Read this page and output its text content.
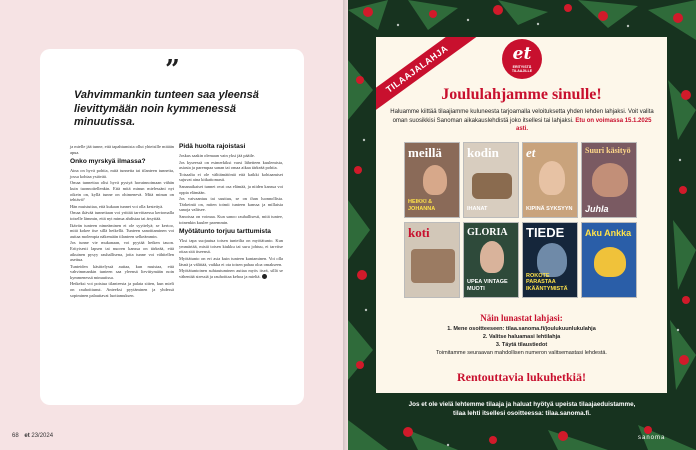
”
Vahvimmankin tunteen saa yleensä lievittymään noin kymmenessä minuutissa.

ja mielle jää tunne, että tapahtumista ollut yhteisille mitään apua.

Onko myrskyä ilmassa?

Aina on hyvä pohtia, mitä tunnetta tai tilanteen tunnetta, jossa kohtaa ystävää.

Omaa tunnettaa olisi hyvä pystyä havainnoimaan vähän kuin tuonnoitellenkin. Että mitä minun mielessäni nyt oikein on, kyllä tunne on ohimenevä. Mitä minun on tehtävä?

Hän muistuttaa, että kukaan tunnet voi olla kestettyä.

Omaa ikävää tunnettaan voi yrittää tarvittaessa kertomalla toiselle lämmin, että nyt minua ahdistaa tai ärsyttää.

Ikävän tunteen nimeäminen ei ole syyttelyä; se kertoo, mitä kokee itse sillä hetkellä. Tunteen sanoittaminen voi auttaa molempia näkemään tilanteen selkeämmin.

Jos tunne vie mukanaan, voi pyytää hetken tauon. Erityisesti lapsen tai nuoren kanssa on tärkeää, että aikuinen pysyy rauhallisena, jotta tunne voi vähitellen asettua.

Tunteiden käsittelyssä auttaa, kun muistaa, että vahvimmankin tunteen saa yleensä lievittymään noin kymmenessä minuutissa.

Hetkeksi voi poistua tilanteesta ja palata sitten, kun mieli on rauhoittunut. Anteeksi pyytäminen ja yhdessä sopiminen palauttavat luottamuksen.

Pidä huolta rajoistasi

Joskus saakin olemaan vain yksi jää pääile.

Jos kyseessä on esimerkiksi varsi lähetteen kuulemista, asiasta ja parempaa sanan tai omaa aikaa tärkeää pohtia.

Toisaalta ei ole välttämätöntä että kaikki kohtaamiset sujuvat aina kitkattomasti.

Sananaikaiset tunnet ovat osa elämää, ja niiden kanssa voi oppia elämään.

Jos vaivaantuu tai suuttuu, se on ihan luonnollista. Tärkeintä on, miten toimii tunteen kanssa ja millaisia sanoja valitsee.

Sanoissa on voimaa. Kun sanoo rauhallisesti, mitä tuntee, toinenkin kuulee paremmin.

Myötätunto torjuu tarttumista

Yksi tapa suojautua toisen tunteilta on myötätunto. Kun ymmärtää, mistä toisen kiukku tai suru johtuu, ei tarvitse ottaa sitä itseensä.

Myötätunto on eri asia kuin tunteen kantaminen. Voi olla läsnä ja välittää, vaikka ei ota toisen pahaa oloa omakseen.

Myötätuntoinen suhtautuminen auttaa myös itseä, sillä se vähentää stressiä ja rauhoittaa kehoa ja mieltä.

68 et 23/2024
TILAAJALAHJA	et
ERITYISTÄ
TILAAJILLE
Joululahjamme sinulle!
Haluamme kiittää tilaajiamme kuluneesta tarjoamalla veloituksetta yhden lehden lahjaksi. Voit valita oman suosikkisi Sanoman aikakauslehdistä joko itsellesi tai lahjaksi. Etu on voimassa 15.1.2025 asti.
meillä
HEIKKI & JOHANNA
kodin
IHANAT
et
KIPINÄ SYKSYYN
Suuri käsityö
Juhla
koti	GLORIA
UPEA VINTAGE MUOTI
TIEDE
ROKOTE PARASTAA IKÄÄNTYMISTÄ
Aku Ankka
Näin lunastat lahjasi:
1. Mene osoitteeseen: tilaa.sanoma.fi/joulukuunlukulahja
2. Valitse haluamasi lehtilahja
3. Täytä tilaustiedot
Toimitamme seuraavan mahdollisen numeron valitsemastasi lehdestä.
Rentouttavia lukuhetkiä!
Jos et ole vielä lehtemme tilaaja ja haluat hyötyä upeista tilaajaeduistamme,
tilaa lehti itsellesi osoitteessa: tilaa.sanoma.fi.
sanoma
